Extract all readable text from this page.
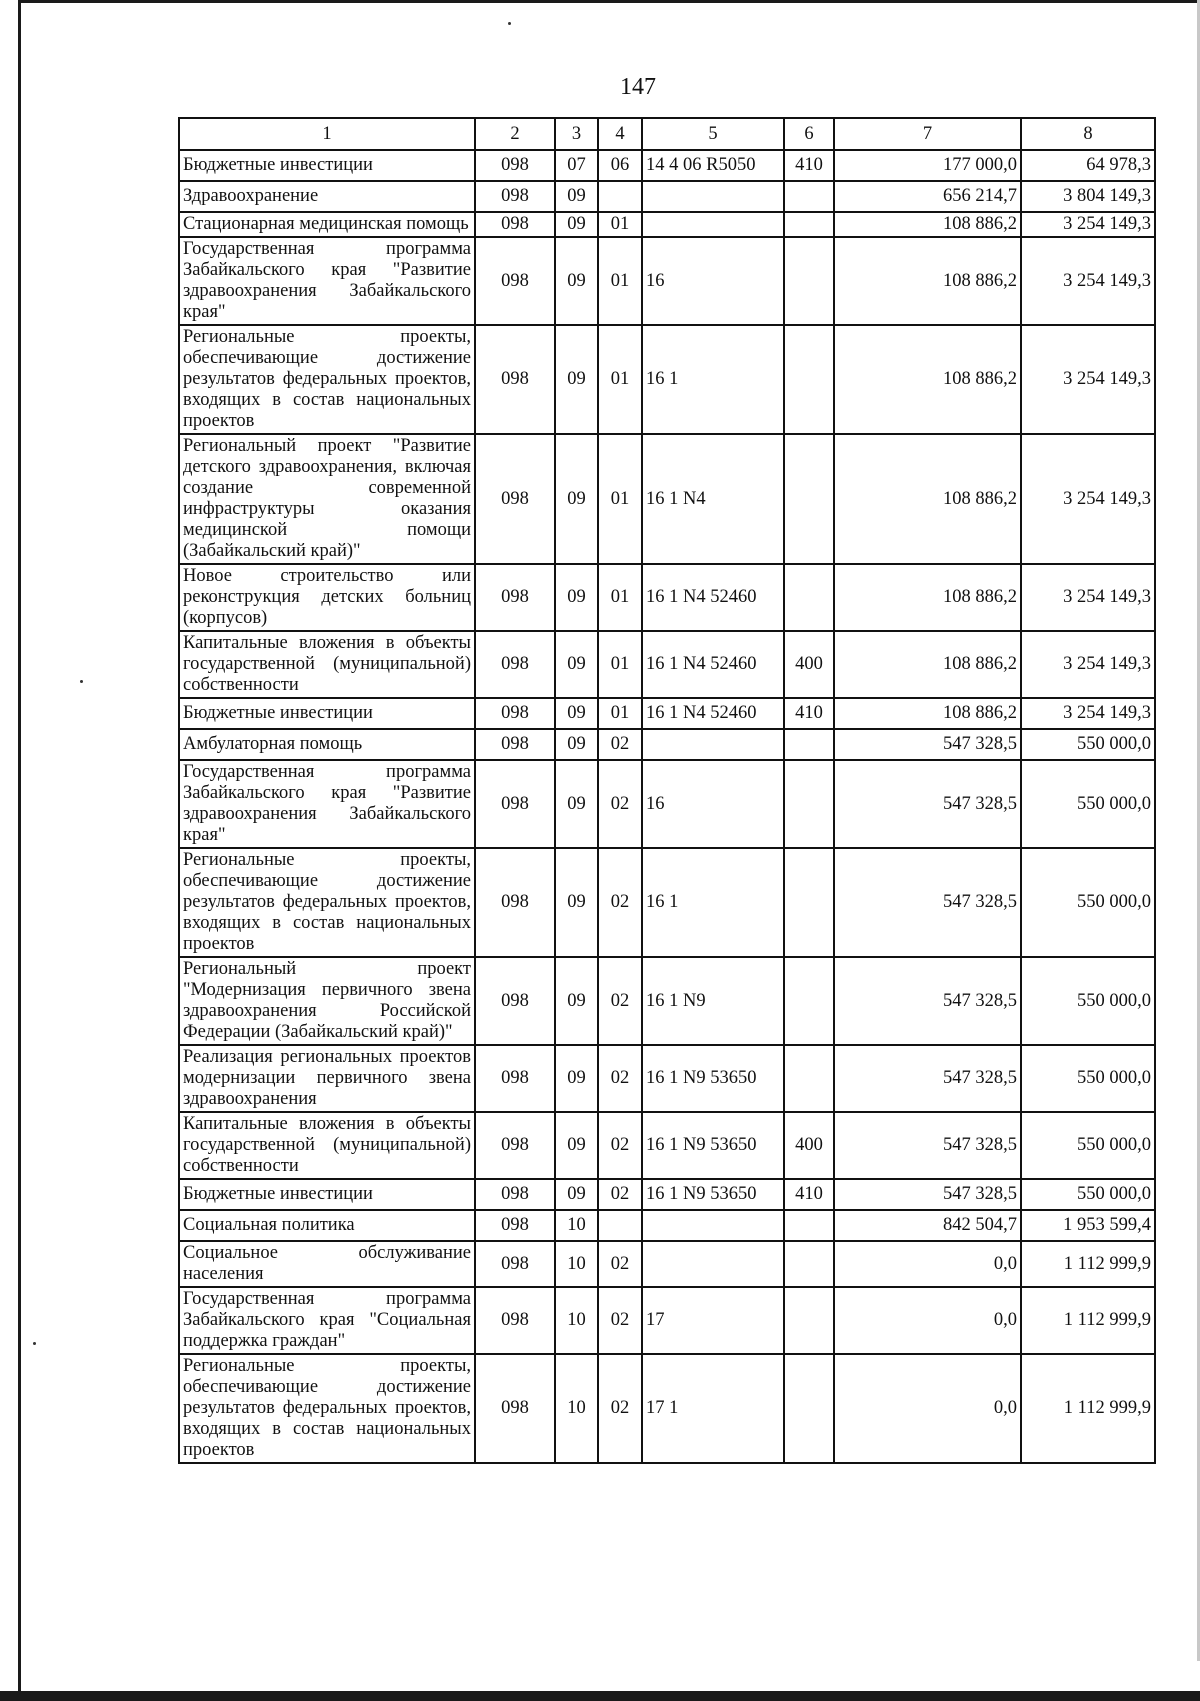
147
1	2	3	4	5	6	7	8
Бюджетные инвестиции	098	07	06	14 4 06 R5050	410	177 000,0	64 978,3
Здравоохранение	098	09				656 214,7	3 804 149,3
Стационарная медицинская помощь	098	09	01			108 886,2	3 254 149,3
Государственная программа Забайкальского края "Развитие здравоохранения Забайкальского края"	098	09	01	16		108 886,2	3 254 149,3
Региональные проекты, обеспечивающие достижение результатов федеральных проектов, входящих в состав национальных проектов	098	09	01	16 1		108 886,2	3 254 149,3
Региональный проект "Развитие детского здравоохранения, включая создание современной инфраструктуры оказания медицинской помощи (Забайкальский край)"	098	09	01	16 1 N4		108 886,2	3 254 149,3
Новое строительство или реконструкция детских больниц (корпусов)	098	09	01	16 1 N4 52460		108 886,2	3 254 149,3
Капитальные вложения в объекты государственной (муниципальной) собственности	098	09	01	16 1 N4 52460	400	108 886,2	3 254 149,3
Бюджетные инвестиции	098	09	01	16 1 N4 52460	410	108 886,2	3 254 149,3
Амбулаторная помощь	098	09	02			547 328,5	550 000,0
Государственная программа Забайкальского края "Развитие здравоохранения Забайкальского края"	098	09	02	16		547 328,5	550 000,0
Региональные проекты, обеспечивающие достижение результатов федеральных проектов, входящих в состав национальных проектов	098	09	02	16 1		547 328,5	550 000,0
Региональный проект "Модернизация первичного звена здравоохранения Российской Федерации (Забайкальский край)"	098	09	02	16 1 N9		547 328,5	550 000,0
Реализация региональных проектов модернизации первичного звена здравоохранения	098	09	02	16 1 N9 53650		547 328,5	550 000,0
Капитальные вложения в объекты государственной (муниципальной) собственности	098	09	02	16 1 N9 53650	400	547 328,5	550 000,0
Бюджетные инвестиции	098	09	02	16 1 N9 53650	410	547 328,5	550 000,0
Социальная политика	098	10				842 504,7	1 953 599,4
Социальное обслуживание населения	098	10	02			0,0	1 112 999,9
Государственная программа Забайкальского края "Социальная поддержка граждан"	098	10	02	17		0,0	1 112 999,9
Региональные проекты, обеспечивающие достижение результатов федеральных проектов, входящих в состав национальных проектов	098	10	02	17 1		0,0	1 112 999,9
